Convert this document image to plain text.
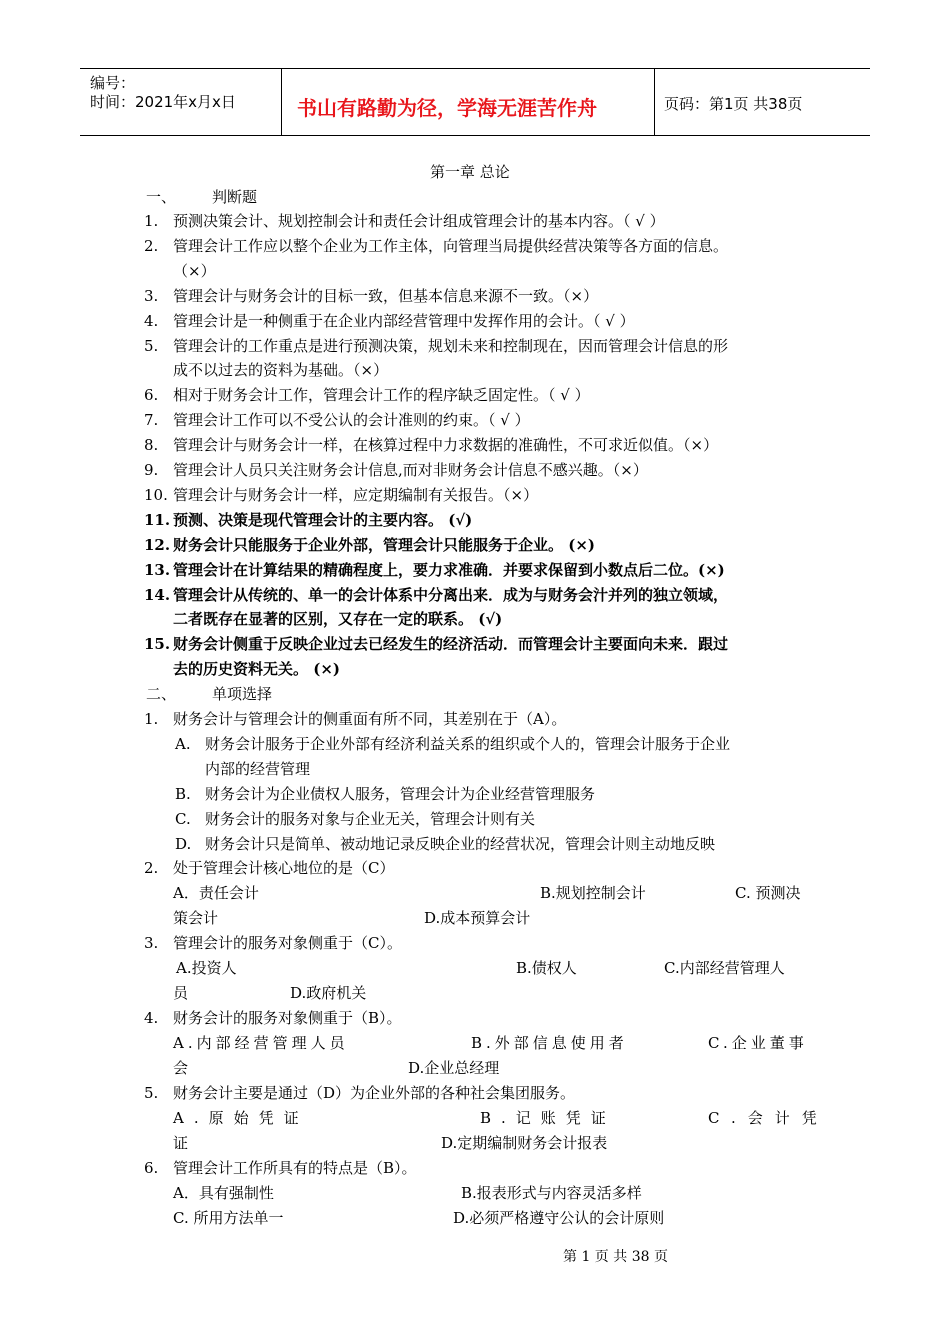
编号：
时间：2021年x月x日	书山有路勤为径，学海无涯苦作舟	页码：第1页 共38页
第一章 总论
一、 判断题
1. 预测决策会计、规划控制会计和责任会计组成管理会计的基本内容。（ √ ）
2. 管理会计工作应以整个企业为工作主体，向管理当局提供经营决策等各方面的信息。
（×）
3. 管理会计与财务会计的目标一致，但基本信息来源不一致。（×）
4. 管理会计是一种侧重于在企业内部经营管理中发挥作用的会计。（ √ ）
5. 管理会计的工作重点是进行预测决策，规划未来和控制现在，因而管理会计信息的形
成不以过去的资料为基础。（×）
6. 相对于财务会计工作，管理会计工作的程序缺乏固定性。（ √ ）
7. 管理会计工作可以不受公认的会计准则的约束。（ √ ）
8. 管理会计与财务会计一样，在核算过程中力求数据的准确性，不可求近似值。（×）
9. 管理会计人员只关注财务会计信息,而对非财务会计信息不感兴趣。（×）
10. 管理会计与财务会计一样，应定期编制有关报告。（×）
11. 预测、决策是现代管理会计的主要内容。 (√)
12. 财务会计只能服务于企业外部，管理会计只能服务于企业。 (×)
13. 管理会计在计算结果的精确程度上，要力求准确．并要求保留到小数点后二位。(×)
14. 管理会计从传统的、单一的会计体系中分离出来．成为与财务会汁并列的独立领域，
二者既存在显著的区别，又存在一定的联系。 (√)
15. 财务会计侧重于反映企业过去已经发生的经济活动．而管理会计主要面向未来．跟过
去的历史资料无关。 (×)
二、 单项选择
1. 财务会计与管理会计的侧重面有所不同，其差别在于（A）。
A. 财务会计服务于企业外部有经济利益关系的组织或个人的，管理会计服务于企业
内部的经营管理
B. 财务会计为企业债权人服务，管理会计为企业经营管理服务
C. 财务会计的服务对象与企业无关，管理会计则有关
D. 财务会计只是简单、被动地记录反映企业的经营状况，管理会计则主动地反映
2. 处于管理会计核心地位的是（C）
A．责任会计	B.规划控制会计	C. 预测决
策会计	D.成本预算会计
3. 管理会计的服务对象侧重于（C）。
A.投资人	B.债权人	C.内部经营管理人
员	D.政府机关
4. 财务会计的服务对象侧重于（B）。
A.内部经营管理人员	B.外部信息使用者	C.企业董事
会	D.企业总经理
5. 财务会计主要是通过（D）为企业外部的各种社会集团服务。
A.原始凭证	B.记账凭证	C.会计凭
证	D.定期编制财务会计报表
6. 管理会计工作所具有的特点是（B）。
A．具有强制性	B.报表形式与内容灵活多样
C. 所用方法单一	D.必须严格遵守公认的会计原则
第 1 页 共 38 页
